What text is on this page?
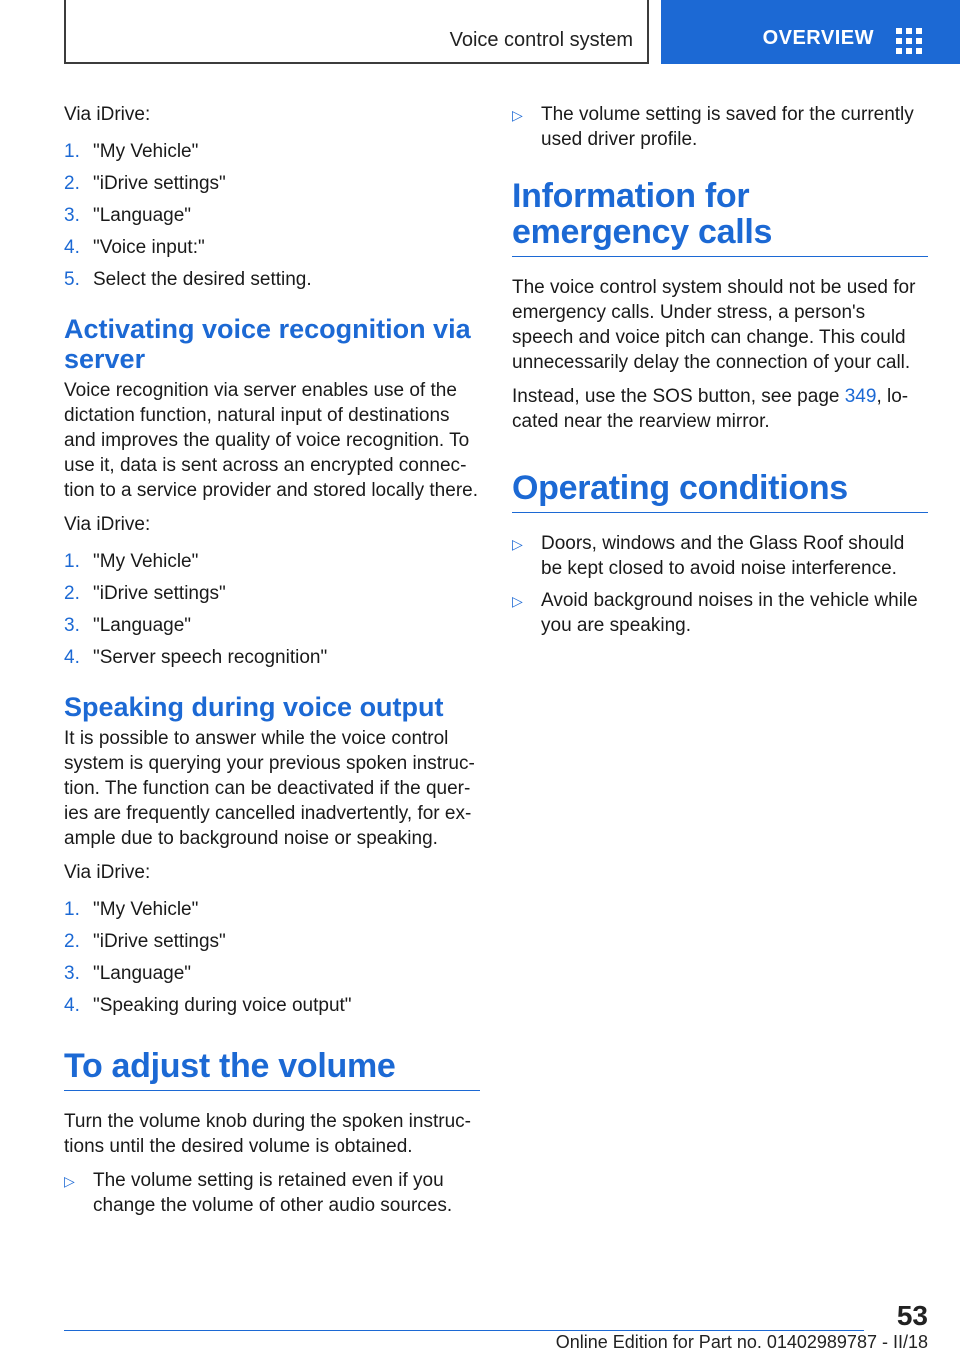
Voice control system	OVERVIEW

Via iDrive:

1. "My Vehicle"
2. "iDrive settings"
3. "Language"
4. "Voice input:"
5. Select the desired setting.
Activating voice recognition via server

Voice recognition via server enables use of the dictation function, natural input of destinations and improves the quality of voice recognition. To use it, data is sent across an encrypted connection to a service provider and stored locally there.

Via iDrive:

1. "My Vehicle"
2. "iDrive settings"
3. "Language"
4. "Server speech recognition"
Speaking during voice output

It is possible to answer while the voice control system is querying your previous spoken instruction. The function can be deactivated if the queries are frequently cancelled inadvertently, for example due to background noise or speaking.

Via iDrive:

1. "My Vehicle"
2. "iDrive settings"
3. "Language"
4. "Speaking during voice output"
To adjust the volume

Turn the volume knob during the spoken instructions until the desired volume is obtained.

▷ The volume setting is retained even if you change the volume of other audio sources.
▷ The volume setting is saved for the currently used driver profile.
Information for emergency calls

The voice control system should not be used for emergency calls. Under stress, a person's speech and voice pitch can change. This could unnecessarily delay the connection of your call.

Instead, use the SOS button, see page 349, located near the rearview mirror.

Operating conditions
▷ Doors, windows and the Glass Roof should be kept closed to avoid noise interference.
▷ Avoid background noises in the vehicle while you are speaking.
53
Online Edition for Part no. 01402989787 - II/18
